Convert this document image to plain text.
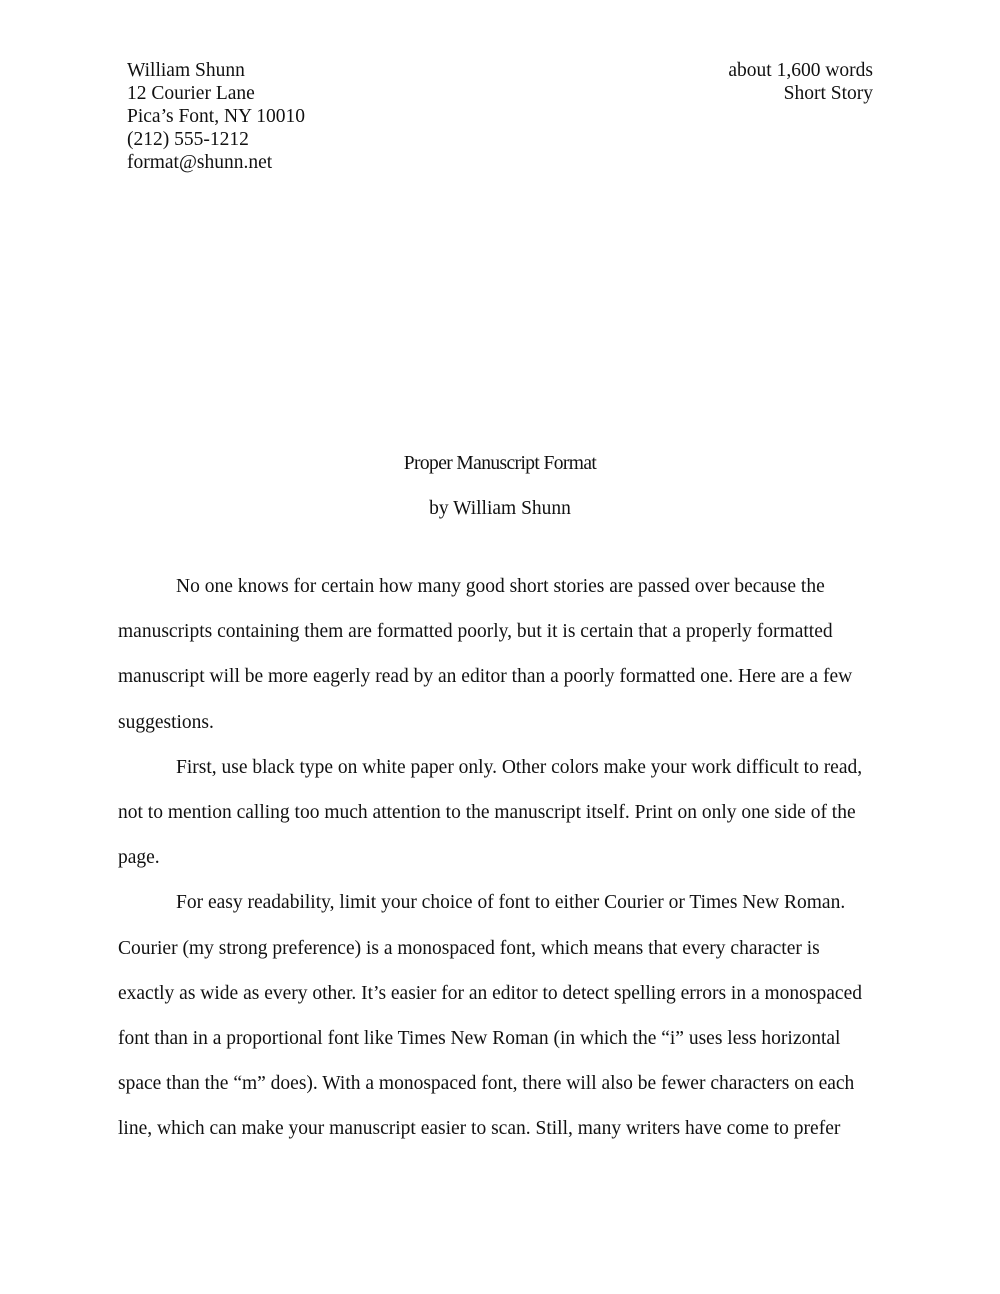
William Shunn
12 Courier Lane
Pica’s Font, NY 10010
(212) 555-1212
format@shunn.net
about 1,600 words
Short Story
Proper Manuscript Format
by William Shunn
No one knows for certain how many good short stories are passed over because the
manuscripts containing them are formatted poorly, but it is certain that a properly formatted
manuscript will be more eagerly read by an editor than a poorly formatted one. Here are a few
suggestions.
First, use black type on white paper only. Other colors make your work difficult to read,
not to mention calling too much attention to the manuscript itself. Print on only one side of the
page.
For easy readability, limit your choice of font to either Courier or Times New Roman.
Courier (my strong preference) is a monospaced font, which means that every character is
exactly as wide as every other. It’s easier for an editor to detect spelling errors in a monospaced
font than in a proportional font like Times New Roman (in which the “i” uses less horizontal
space than the “m” does). With a monospaced font, there will also be fewer characters on each
line, which can make your manuscript easier to scan. Still, many writers have come to prefer
